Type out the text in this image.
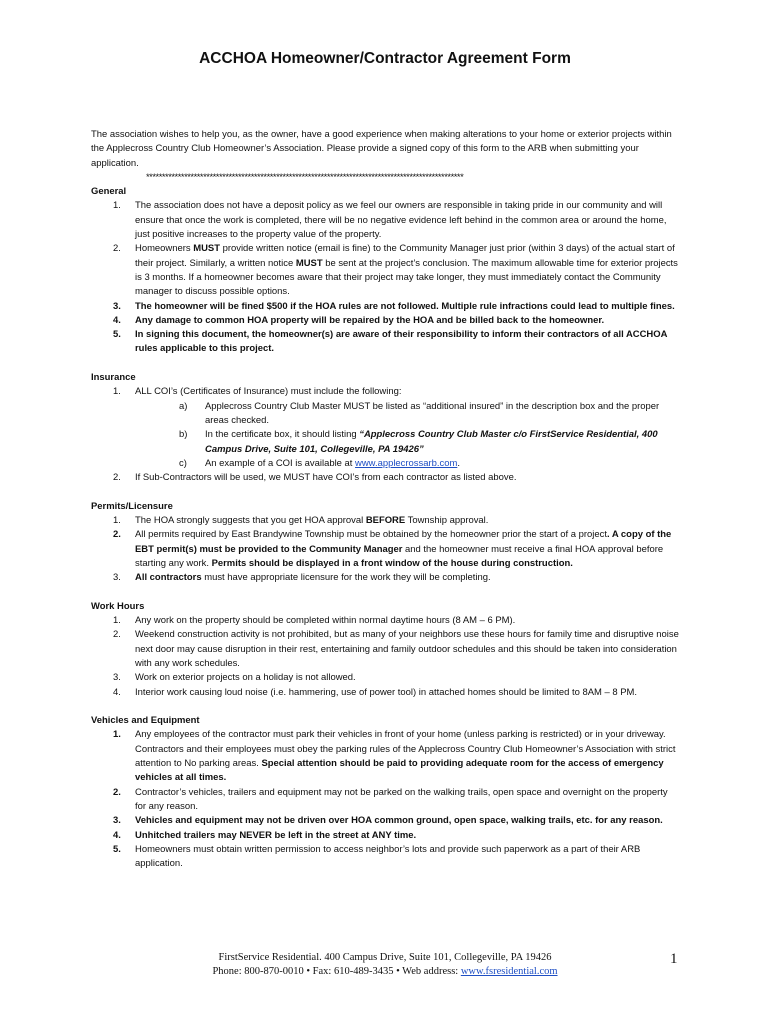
ACCHOA Homeowner/Contractor Agreement Form

The association wishes to help you, as the owner, have a good experience when making alterations to your home or exterior projects within the Applecross Country Club Homeowner’s Association. Please provide a signed copy of this form to the ARB when submitting your application.

****************************************************************************************************
General
1. The association does not have a deposit policy as we feel our owners are responsible in taking pride in our community and will ensure that once the work is completed, there will be no negative evidence left behind in the common area or around the home, just positive increases to the property value of the property.
2. Homeowners MUST provide written notice (email is fine) to the Community Manager just prior (within 3 days) of the actual start of their project. Similarly, a written notice MUST be sent at the project’s conclusion. The maximum allowable time for exterior projects is 3 months. If a homeowner becomes aware that their project may take longer, they must immediately contact the Community manager to discuss possible options.
3. The homeowner will be fined $500 if the HOA rules are not followed. Multiple rule infractions could lead to multiple fines.
4. Any damage to common HOA property will be repaired by the HOA and be billed back to the homeowner.
5. In signing this document, the homeowner(s) are aware of their responsibility to inform their contractors of all ACCHOA rules applicable to this project.
Insurance
1. ALL COI’s (Certificates of Insurance) must include the following:
a) Applecross Country Club Master MUST be listed as “additional insured” in the description box and the proper areas checked.
b) In the certificate box, it should listing “Applecross Country Club Master c/o FirstService Residential, 400 Campus Drive, Suite 101, Collegeville, PA 19426”
c) An example of a COI is available at www.applecrossarb.com.
2. If Sub-Contractors will be used, we MUST have COI’s from each contractor as listed above.
Permits/Licensure
1. The HOA strongly suggests that you get HOA approval BEFORE Township approval.
2. All permits required by East Brandywine Township must be obtained by the homeowner prior the start of a project. A copy of the EBT permit(s) must be provided to the Community Manager and the homeowner must receive a final HOA approval before starting any work. Permits should be displayed in a front window of the house during construction.
3. All contractors must have appropriate licensure for the work they will be completing.
Work Hours
1. Any work on the property should be completed within normal daytime hours (8 AM – 6 PM).
2. Weekend construction activity is not prohibited, but as many of your neighbors use these hours for family time and disruptive noise next door may cause disruption in their rest, entertaining and family outdoor schedules and this should be taken into consideration with any work schedules.
3. Work on exterior projects on a holiday is not allowed.
4. Interior work causing loud noise (i.e. hammering, use of power tool) in attached homes should be limited to 8AM – 8 PM.
Vehicles and Equipment
1. Any employees of the contractor must park their vehicles in front of your home (unless parking is restricted) or in your driveway. Contractors and their employees must obey the parking rules of the Applecross Country Club Homeowner’s Association with strict attention to No parking areas. Special attention should be paid to providing adequate room for the access of emergency vehicles at all times.
2. Contractor’s vehicles, trailers and equipment may not be parked on the walking trails, open space and overnight on the property for any reason.
3. Vehicles and equipment may not be driven over HOA common ground, open space, walking trails, etc. for any reason.
4. Unhitched trailers may NEVER be left in the street at ANY time.
5. Homeowners must obtain written permission to access neighbor’s lots and provide such paperwork as a part of their ARB application.
FirstService Residential. 400 Campus Drive, Suite 101, Collegeville, PA 19426
Phone: 800-870-0010 • Fax: 610-489-3435 • Web address: www.fsresidential.com
1
